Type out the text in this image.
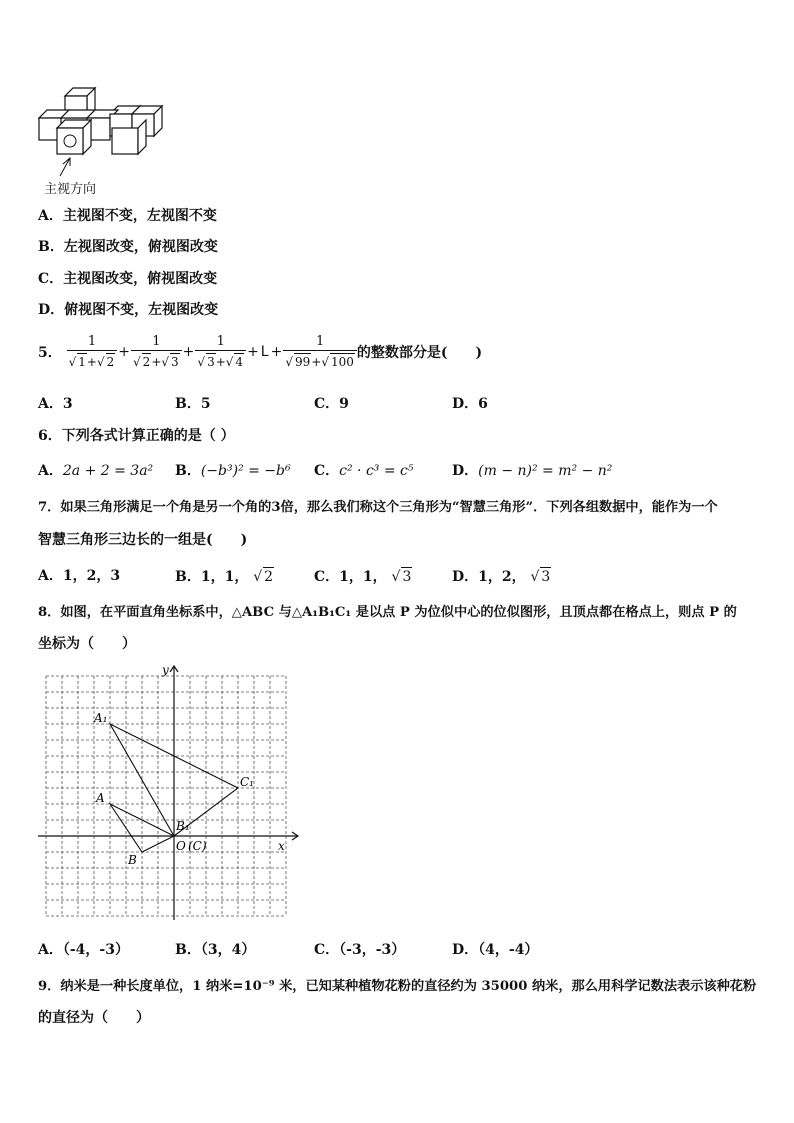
主视方向
A．主视图不变，左视图不变
B．左视图改变，俯视图改变
C．主视图改变，俯视图改变
D．俯视图不变，左视图改变
5． $\frac{1}{√ 1+√ 2} + \frac{1}{√ 2+√ 3} + \frac{1}{√ 3+√ 4} + L + \frac{1}{√ 99+√ 100}$ 的整数部分是(　　)
A．3	B．5	C．9	D．6
6．下列各式计算正确的是（ ）
A．2a + 2 = 3a² B．(−b³)² = −b⁶ C．c² · c³ = c⁵	D．(m − n)² = m² − n²
7．如果三角形满足一个角是另一个角的3倍，那么我们称这个三角形为“智慧三角形”．下列各组数据中，能作为一个
智慧三角形三边长的一组是(　　)
A．1，2，3	B．1，1， √ 2	C．1，1， √ 3	D．1，2， √ 3
8．如图，在平面直角坐标系中，△ABC 与△A₁B₁C₁ 是以点 P 为位似中心的位似图形，且顶点都在格点上，则点 P 的
坐标为（　　）
y
x
A₁
C₁
A
B₁
O (C)
B
A．（-4，-3）	B．（3，4）	C．（-3，-3）	D．（4，-4）
9．纳米是一种长度单位，1 纳米=10⁻⁹ 米，已知某种植物花粉的直径约为 35000 纳米，那么用科学记数法表示该种花粉
的直径为（　　）
